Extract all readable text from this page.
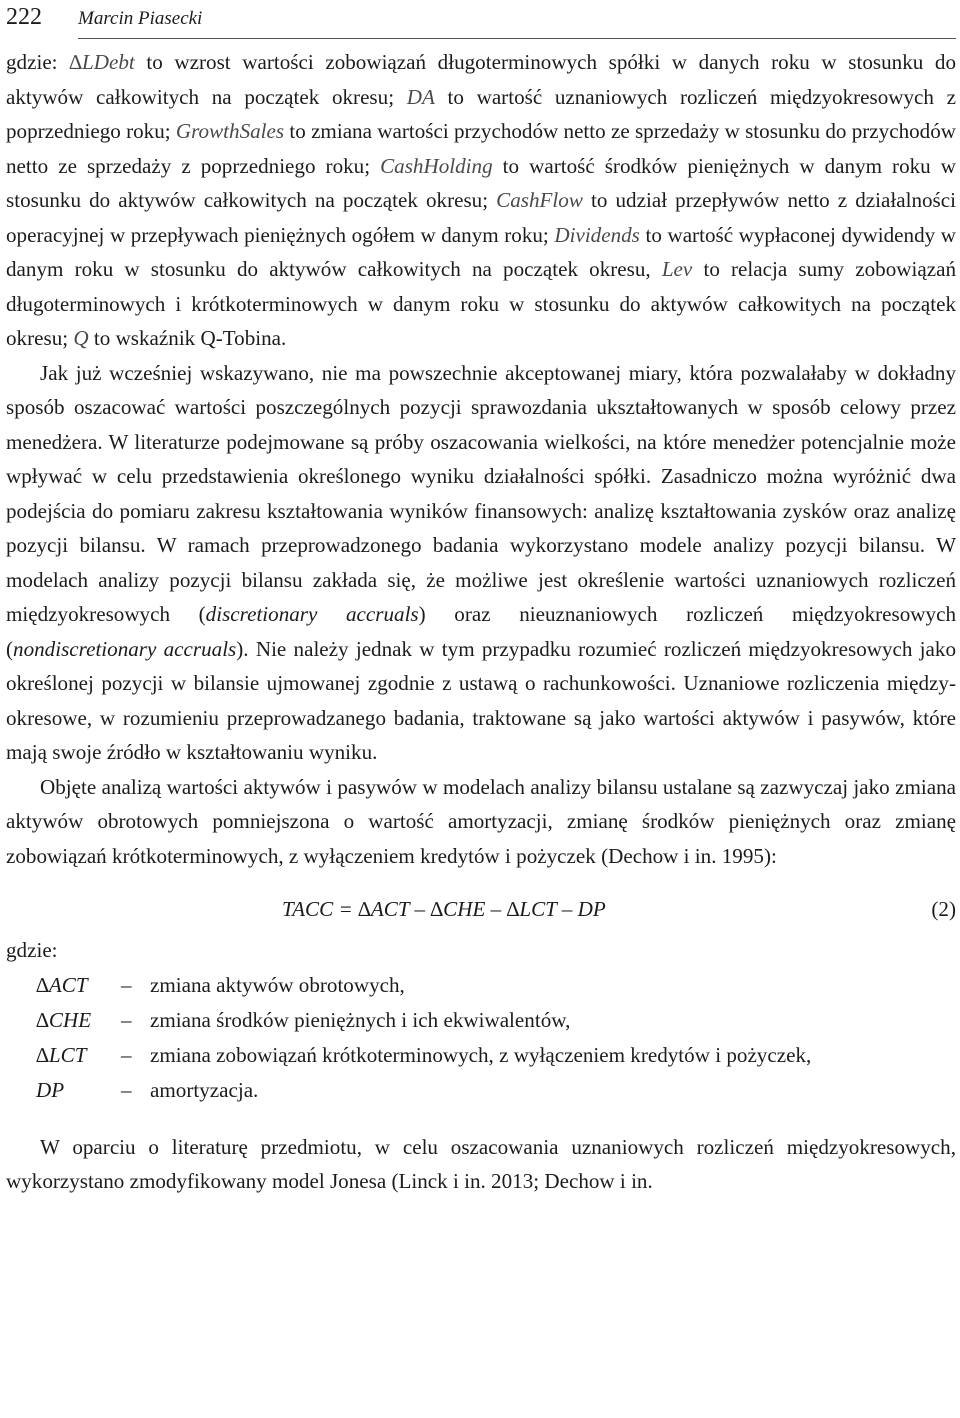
222 Marcin Piasecki

gdzie: ∆LDebt to wzrost wartości zobowiązań długoterminowych spółki w danych roku w stosunku do aktywów całkowitych na początek okresu; DA to wartość uznaniowych rozliczeń międzyokresowych z poprzedniego roku; GrowthSales to zmiana wartości przychodów netto ze sprzedaży w stosunku do przychodów netto ze sprzedaży z poprzedniego roku; CashHolding to wartość środków pieniężnych w danym roku w stosunku do aktywów całkowitych na początek okresu; CashFlow to udział przepływów netto z działalności operacyjnej w przepływach pieniężnych ogółem w danym roku; Dividends to wartość wypłaconej dywidendy w danym roku w stosunku do aktywów całkowitych na początek okresu, Lev to relacja sumy zobowiązań długoterminowych i krótkoterminowych w danym roku w stosunku do aktywów całkowitych na początek okresu; Q to wskaźnik Q-Tobina.

Jak już wcześniej wskazywano, nie ma powszechnie akceptowanej miary, która pozwalałaby w dokładny sposób oszacować wartości poszczególnych pozycji sprawozdania ukształtowanych w sposób celowy przez menedżera. W literaturze podejmowane są próby oszacowania wielkości, na które menedżer potencjalnie może wpływać w celu przedstawienia określonego wyniku działalności spółki. Zasadniczo można wyróżnić dwa podejścia do pomiaru zakresu kształtowania wyników finansowych: analizę kształtowania zysków oraz analizę pozycji bilansu. W ramach przeprowadzonego badania wykorzystano modele analizy pozycji bilansu. W modelach analizy pozycji bilansu zakłada się, że możliwe jest określenie wartości uznaniowych rozliczeń międzyokresowych (discretionary accruals) oraz nieuznaniowych rozliczeń międzyokresowych (nondiscretionary accruals). Nie należy jednak w tym przypadku rozumieć rozliczeń międzyokresowych jako określonej pozycji w bilansie ujmowanej zgodnie z ustawą o rachunkowości. Uznaniowe rozliczenia międzyokresowe, w rozumieniu przeprowadzanego badania, traktowane są jako wartości aktywów i pasywów, które mają swoje źródło w kształtowaniu wyniku.

Objęte analizą wartości aktywów i pasywów w modelach analizy bilansu ustalane są zazwyczaj jako zmiana aktywów obrotowych pomniejszona o wartość amortyzacji, zmianę środków pieniężnych oraz zmianę zobowiązań krótkoterminowych, z wyłączeniem kredytów i pożyczek (Dechow i in. 1995):

TACC = ∆ACT – ∆CHE – ∆LCT – DP	(2)

gdzie:

∆ACT – zmiana aktywów obrotowych,
∆CHE – zmiana środków pieniężnych i ich ekwiwalentów,
∆LCT – zmiana zobowiązań krótkoterminowych, z wyłączeniem kredytów i pożyczek,
DP	– amortyzacja.

W oparciu o literaturę przedmiotu, w celu oszacowania uznaniowych rozliczeń międzyokresowych, wykorzystano zmodyfikowany model Jonesa (Linck i in. 2013; Dechow i in.
